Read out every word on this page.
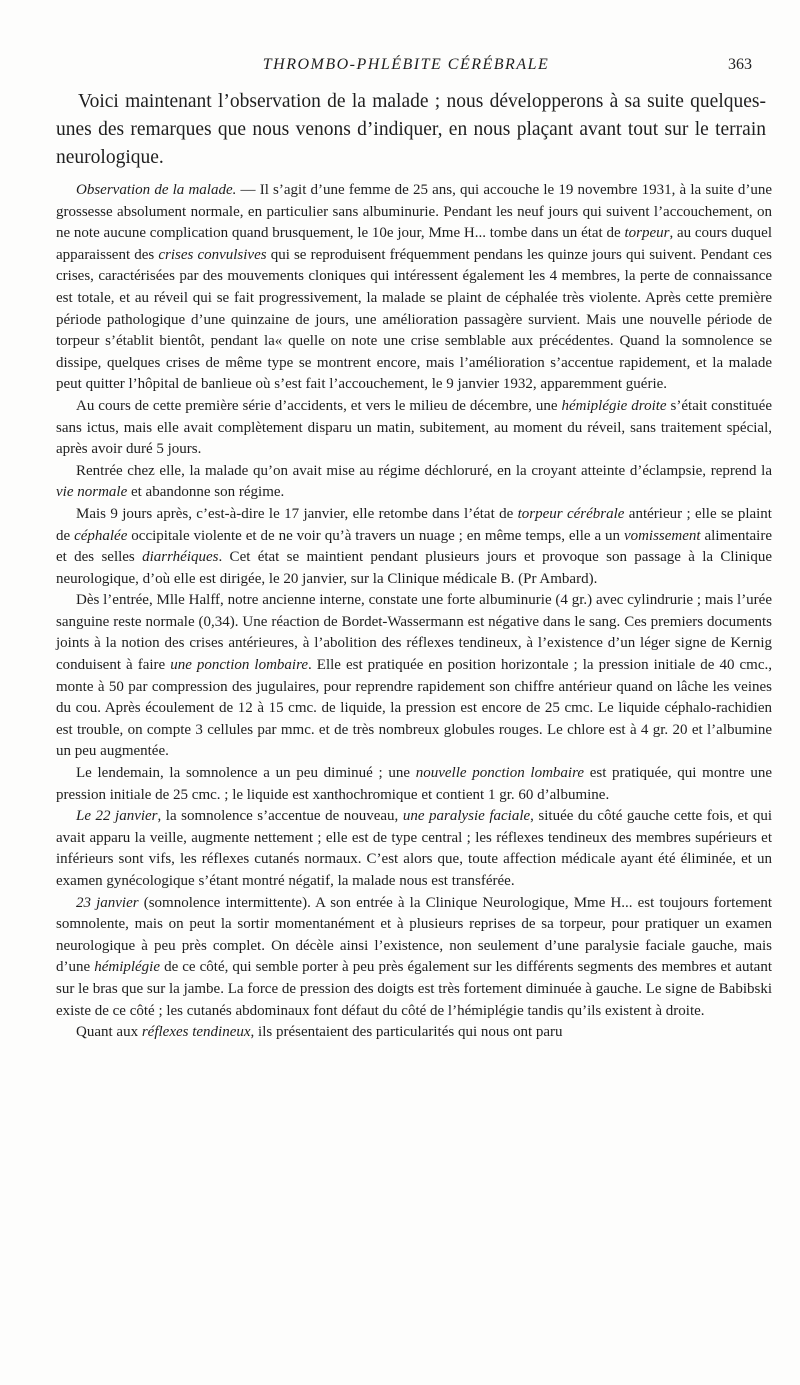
THROMBO-PHLÉBITE CÉRÉBRALE	363

Voici maintenant l’observation de la malade ; nous développerons à sa suite quelques-unes des remarques que nous venons d’indiquer, en nous plaçant avant tout sur le terrain neurologique.

Observation de la malade. — Il s’agit d’une femme de 25 ans, qui accouche le 19 novembre 1931, à la suite d’une grossesse absolument normale, en particulier sans albuminurie. Pendant les neuf jours qui suivent l’accouchement, on ne note aucune complication quand brusquement, le 10e jour, Mme H... tombe dans un état de torpeur, au cours duquel apparaissent des crises convulsives qui se reproduisent fréquemment pendans les quinze jours qui suivent. Pendant ces crises, caractérisées par des mouvements cloniques qui intéressent également les 4 membres, la perte de connaissance est totale, et au réveil qui se fait progressivement, la malade se plaint de céphalée très violente. Après cette première période pathologique d’une quinzaine de jours, une amélioration passagère survient. Mais une nouvelle période de torpeur s’établit bientôt, pendant la« quelle on note une crise semblable aux précédentes. Quand la somnolence se dissipe, quelques crises de même type se montrent encore, mais l’amélioration s’accentue rapidement, et la malade peut quitter l’hôpital de banlieue où s’est fait l’accouchement, le 9 janvier 1932, apparemment guérie.

Au cours de cette première série d’accidents, et vers le milieu de décembre, une hémiplégie droite s’était constituée sans ictus, mais elle avait complètement disparu un matin, subitement, au moment du réveil, sans traitement spécial, après avoir duré 5 jours.

Rentrée chez elle, la malade qu’on avait mise au régime déchloruré, en la croyant atteinte d’éclampsie, reprend la vie normale et abandonne son régime.

Mais 9 jours après, c’est-à-dire le 17 janvier, elle retombe dans l’état de torpeur cérébrale antérieur ; elle se plaint de céphalée occipitale violente et de ne voir qu’à travers un nuage ; en même temps, elle a un vomissement alimentaire et des selles diarrhéiques. Cet état se maintient pendant plusieurs jours et provoque son passage à la Clinique neurologique, d’où elle est dirigée, le 20 janvier, sur la Clinique médicale B. (Pr Ambard).

Dès l’entrée, Mlle Halff, notre ancienne interne, constate une forte albuminurie (4 gr.) avec cylindrurie ; mais l’urée sanguine reste normale (0,34). Une réaction de Bordet-Wassermann est négative dans le sang. Ces premiers documents joints à la notion des crises antérieures, à l’abolition des réflexes tendineux, à l’existence d’un léger signe de Kernig conduisent à faire une ponction lombaire. Elle est pratiquée en position horizontale ; la pression initiale de 40 cmc., monte à 50 par compression des jugulaires, pour reprendre rapidement son chiffre antérieur quand on lâche les veines du cou. Après écoulement de 12 à 15 cmc. de liquide, la pression est encore de 25 cmc. Le liquide céphalo-rachidien est trouble, on compte 3 cellules par mmc. et de très nombreux globules rouges. Le chlore est à 4 gr. 20 et l’albumine un peu augmentée.

Le lendemain, la somnolence a un peu diminué ; une nouvelle ponction lombaire est pratiquée, qui montre une pression initiale de 25 cmc. ; le liquide est xanthochromique et contient 1 gr. 60 d’albumine.

Le 22 janvier, la somnolence s’accentue de nouveau, une paralysie faciale, située du côté gauche cette fois, et qui avait apparu la veille, augmente nettement ; elle est de type central ; les réflexes tendineux des membres supérieurs et inférieurs sont vifs, les réflexes cutanés normaux. C’est alors que, toute affection médicale ayant été éliminée, et un examen gynécologique s’étant montré négatif, la malade nous est transférée.

23 janvier (somnolence intermittente). A son entrée à la Clinique Neurologique, Mme H... est toujours fortement somnolente, mais on peut la sortir momentanément et à plusieurs reprises de sa torpeur, pour pratiquer un examen neurologique à peu près complet. On décèle ainsi l’existence, non seulement d’une paralysie faciale gauche, mais d’une hémiplégie de ce côté, qui semble porter à peu près également sur les différents segments des membres et autant sur le bras que sur la jambe. La force de pression des doigts est très fortement diminuée à gauche. Le signe de Babibski existe de ce côté ; les cutanés abdominaux font défaut du côté de l’hémiplégie tandis qu’ils existent à droite.

Quant aux réflexes tendineux, ils présentaient des particularités qui nous ont paru
